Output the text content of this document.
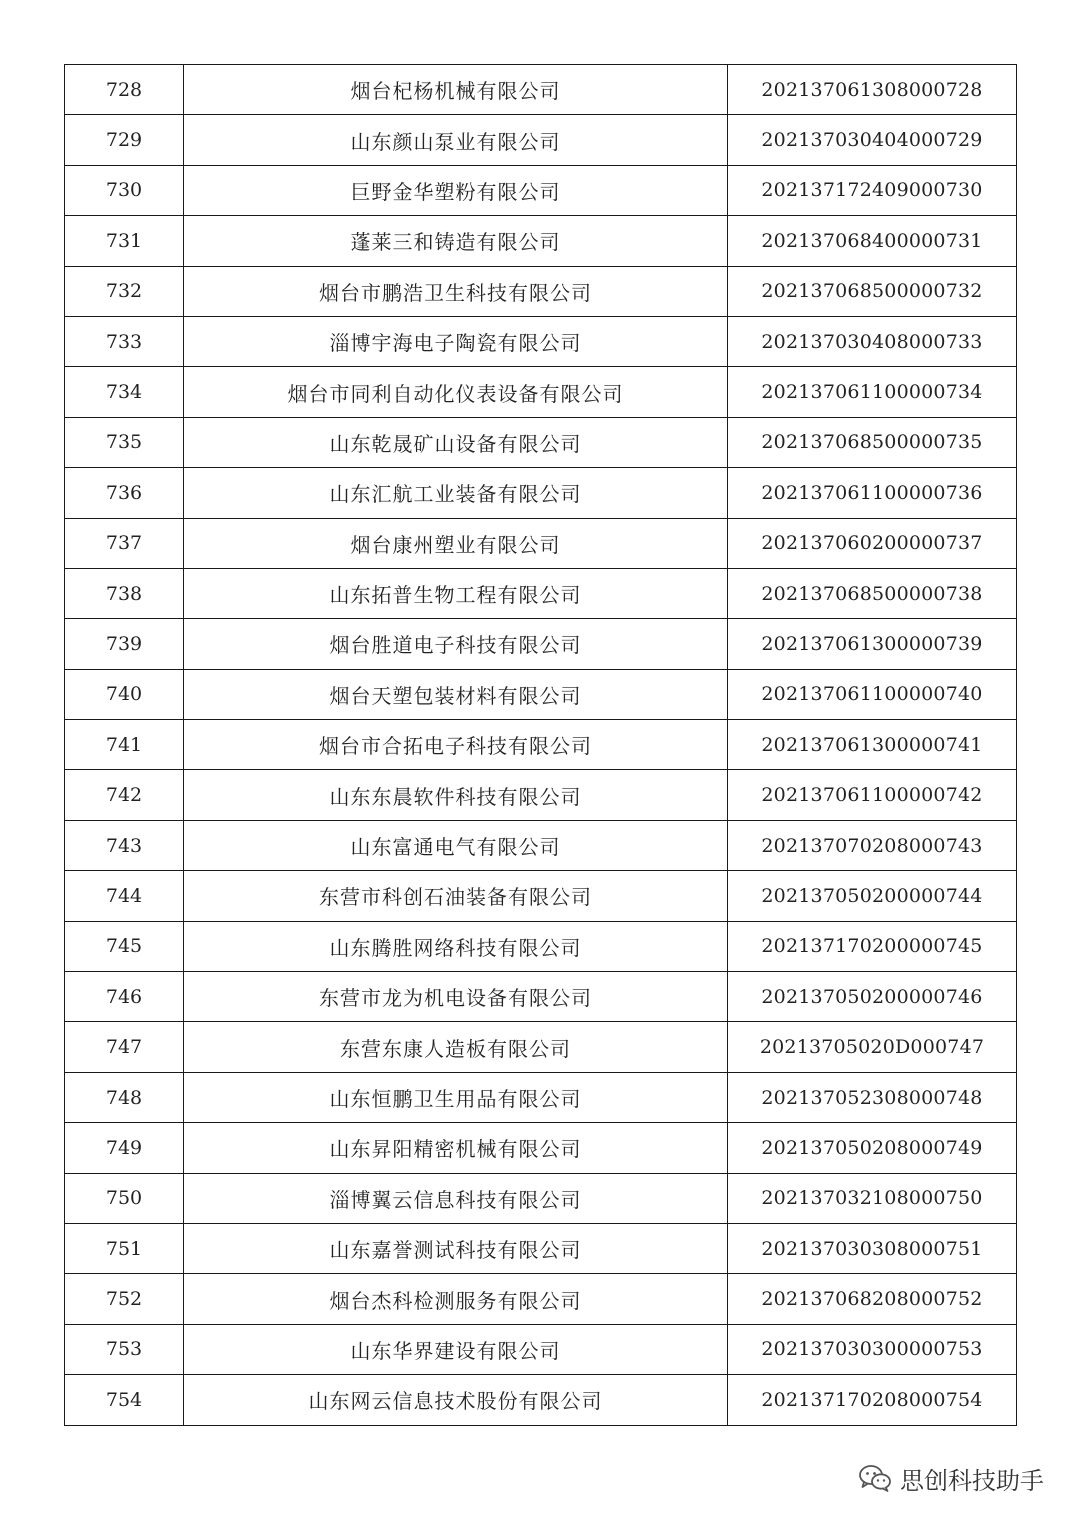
728	烟台杞杨机械有限公司	202137061308000728
729	山东颜山泵业有限公司	202137030404000729
730	巨野金华塑粉有限公司	202137172409000730
731	蓬莱三和铸造有限公司	202137068400000731
732	烟台市鹏浩卫生科技有限公司	202137068500000732
733	淄博宇海电子陶瓷有限公司	202137030408000733
734	烟台市同利自动化仪表设备有限公司	202137061100000734
735	山东乾晟矿山设备有限公司	202137068500000735
736	山东汇航工业装备有限公司	202137061100000736
737	烟台康州塑业有限公司	202137060200000737
738	山东拓普生物工程有限公司	202137068500000738
739	烟台胜道电子科技有限公司	202137061300000739
740	烟台天塑包装材料有限公司	202137061100000740
741	烟台市合拓电子科技有限公司	202137061300000741
742	山东东晨软件科技有限公司	202137061100000742
743	山东富通电气有限公司	202137070208000743
744	东营市科创石油装备有限公司	202137050200000744
745	山东腾胜网络科技有限公司	202137170200000745
746	东营市龙为机电设备有限公司	202137050200000746
747	东营东康人造板有限公司	20213705020D000747
748	山东恒鹏卫生用品有限公司	202137052308000748
749	山东昇阳精密机械有限公司	202137050208000749
750	淄博翼云信息科技有限公司	202137032108000750
751	山东嘉誉测试科技有限公司	202137030308000751
752	烟台杰科检测服务有限公司	202137068208000752
753	山东华界建设有限公司	202137030300000753
754	山东网云信息技术股份有限公司	202137170208000754
思创科技助手
